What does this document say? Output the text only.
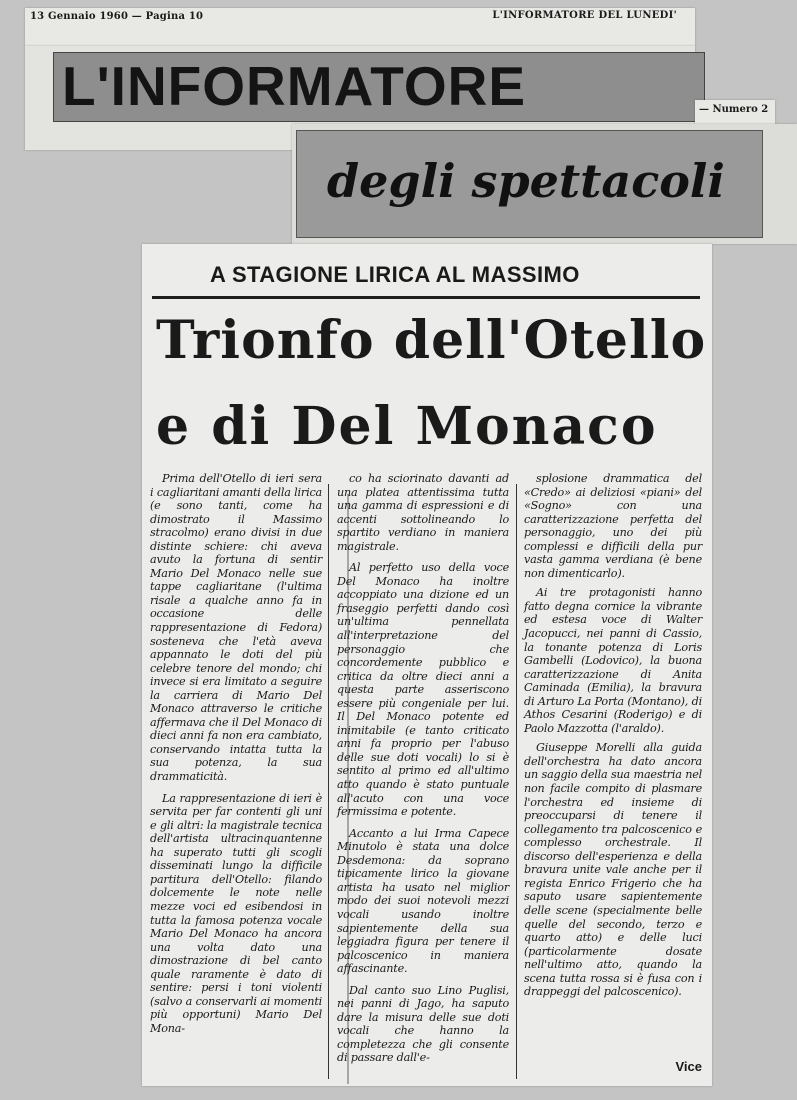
13 Gennaio 1960 — Pagina 10	L'INFORMATORE DEL LUNEDI'
L'INFORMATORE	— Numero 2
degli spettacoli
A STAGIONE LIRICA AL MASSIMO
Trionfo dell'Otello
e di Del Monaco

Prima dell'Otello di ieri sera i cagliaritani amanti della lirica (e sono tanti, come ha dimostrato il Massimo stracolmo) erano divisi in due distinte schiere: chi aveva avuto la fortuna di sentir Mario Del Monaco nelle sue tappe cagliaritane (l'ultima risale a qualche anno fa in occasione delle rappresentazione di Fedora) sosteneva che l'età aveva appannato le doti del più celebre tenore del mondo; chi invece si era limitato a seguire la carriera di Mario Del Monaco attraverso le critiche affermava che il Del Monaco di dieci anni fa non era cambiato, conservando intatta tutta la sua potenza, la sua drammaticità.

La rappresentazione di ieri è servita per far contenti gli uni e gli altri: la magistrale tecnica dell'artista ultracinquantenne ha superato tutti gli scogli disseminati lungo la difficile partitura dell'Otello: filando dolcemente le note nelle mezze voci ed esibendosi in tutta la famosa potenza vocale Mario Del Monaco ha ancora una volta dato una dimostrazione di bel canto quale raramente è dato di sentire: persi i toni violenti (salvo a conservarli ai momenti più opportuni) Mario Del Mona-

co ha sciorinato davanti ad una platea attentissima tutta una gamma di espressioni e di accenti sottolineando lo spartito verdiano in maniera magistrale.

Al perfetto uso della voce Del Monaco ha inoltre accoppiato una dizione ed un fraseggio perfetti dando così un'ultima pennellata all'interpretazione del personaggio che concordemente pubblico e critica da oltre dieci anni a questa parte asseriscono essere più congeniale per lui. Il Del Monaco potente ed inimitabile (e tanto criticato anni fa proprio per l'abuso delle sue doti vocali) lo si è sentito al primo ed all'ultimo atto quando è stato puntuale all'acuto con una voce fermissima e potente.

Accanto a lui Irma Capece Minutolo è stata una dolce Desdemona: da soprano tipicamente lirico la giovane artista ha usato nel miglior modo dei suoi notevoli mezzi vocali usando inoltre sapientemente della sua leggiadra figura per tenere il palcoscenico in maniera affascinante.

Dal canto suo Lino Puglisi, nei panni di Jago, ha saputo dare la misura delle sue doti vocali che hanno la completezza che gli consente di passare dall'e-

splosione drammatica del «Credo» ai deliziosi «piani» del «Sogno» con una caratterizzazione perfetta del personaggio, uno dei più complessi e difficili della pur vasta gamma verdiana (è bene non dimenticarlo).

Ai tre protagonisti hanno fatto degna cornice la vibrante ed estesa voce di Walter Jacopucci, nei panni di Cassio, la tonante potenza di Loris Gambelli (Lodovico), la buona caratterizzazione di Anita Caminada (Emilia), la bravura di Arturo La Porta (Montano), di Athos Cesarini (Roderigo) e di Paolo Mazzotta (l'araldo).

Giuseppe Morelli alla guida dell'orchestra ha dato ancora un saggio della sua maestria nel non facile compito di plasmare l'orchestra ed insieme di preoccuparsi di tenere il collegamento tra palcoscenico e complesso orchestrale. Il discorso dell'esperienza e della bravura unite vale anche per il regista Enrico Frigerio che ha saputo usare sapientemente delle scene (specialmente belle quelle del secondo, terzo e quarto atto) e delle luci (particolarmente dosate nell'ultimo atto, quando la scena tutta rossa si è fusa con i drappeggi del palcoscenico).

Vice
